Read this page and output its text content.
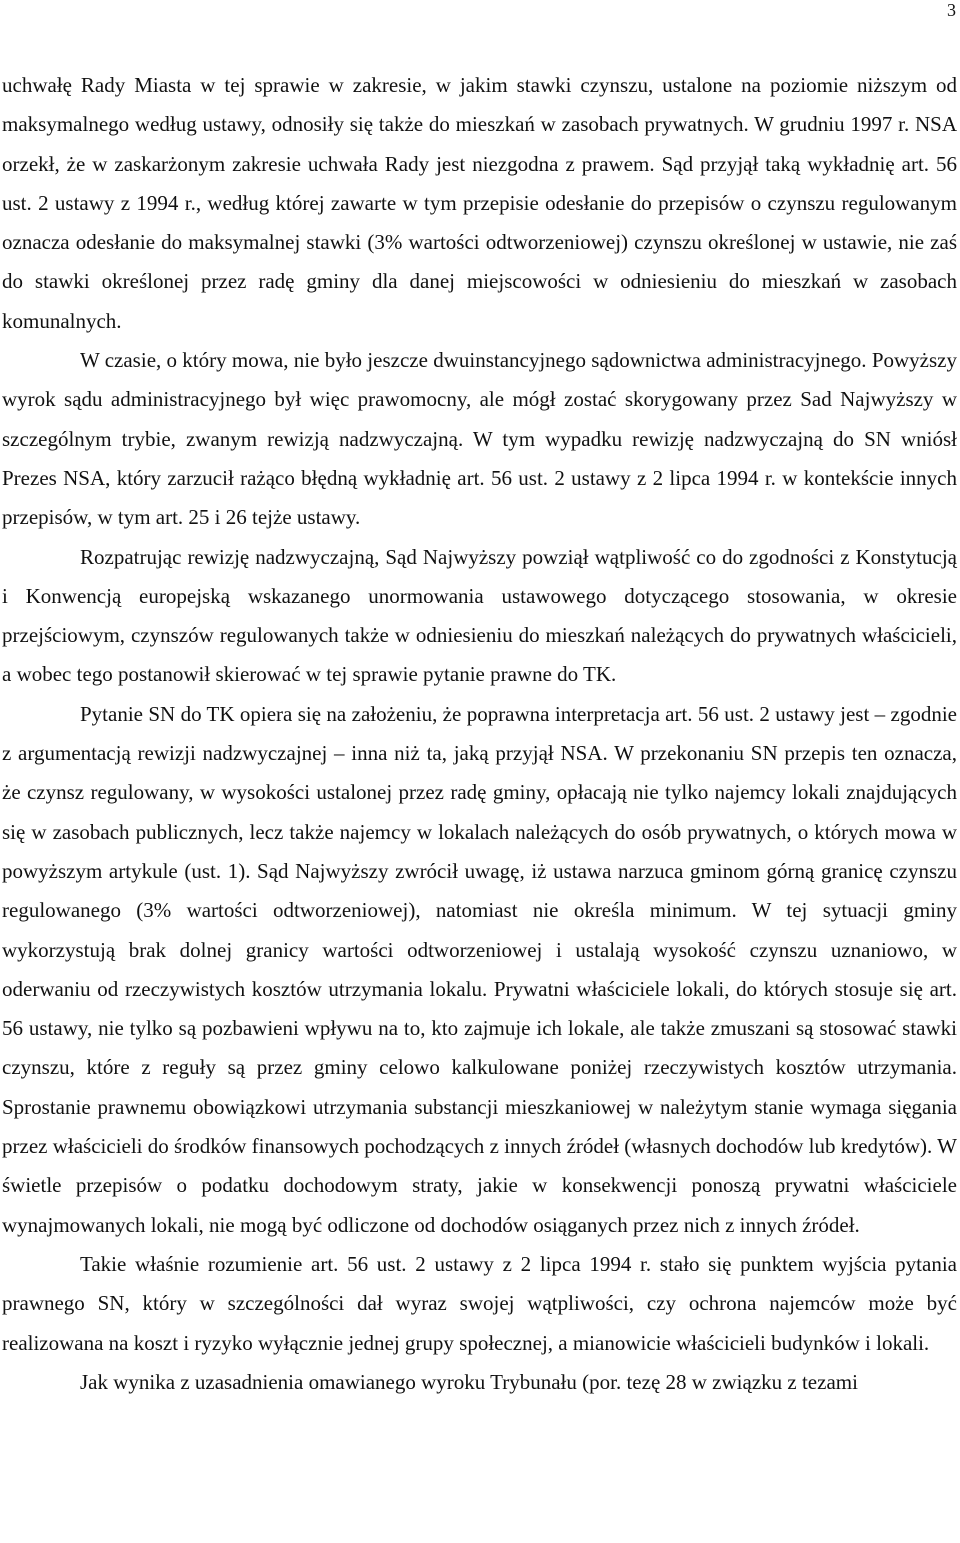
3

uchwałę Rady Miasta w tej sprawie w zakresie, w jakim stawki czynszu, ustalone na poziomie niższym od maksymalnego według ustawy, odnosiły się także do mieszkań w zasobach prywatnych. W grudniu 1997 r. NSA orzekł, że w zaskarżonym zakresie uchwała Rady jest niezgodna z prawem. Sąd przyjął taką wykładnię art. 56 ust. 2 ustawy z 1994 r., według której zawarte w tym przepisie odesłanie do przepisów o czynszu regulowanym oznacza odesłanie do maksymalnej stawki (3% wartości odtworzeniowej) czynszu określonej w ustawie, nie zaś do stawki określonej przez radę gminy dla danej miejscowości w odniesieniu do mieszkań w zasobach komunalnych.

W czasie, o który mowa, nie było jeszcze dwuinstancyjnego sądownictwa administracyjnego. Powyższy wyrok sądu administracyjnego był więc prawomocny, ale mógł zostać skorygowany przez Sad Najwyższy w szczególnym trybie, zwanym rewizją nadzwyczajną. W tym wypadku rewizję nadzwyczajną do SN wniósł Prezes NSA, który zarzucił rażąco błędną wykładnię art. 56 ust. 2 ustawy z 2 lipca 1994 r. w kontekście innych przepisów, w tym art. 25 i 26 tejże ustawy.

Rozpatrując rewizję nadzwyczajną, Sąd Najwyższy powziął wątpliwość co do zgodności z Konstytucją i Konwencją europejską wskazanego unormowania ustawowego dotyczącego stosowania, w okresie przejściowym, czynszów regulowanych także w odniesieniu do mieszkań należących do prywatnych właścicieli, a wobec tego postanowił skierować w tej sprawie pytanie prawne do TK.

Pytanie SN do TK opiera się na założeniu, że poprawna interpretacja art. 56 ust. 2 ustawy jest – zgodnie z argumentacją rewizji nadzwyczajnej – inna niż ta, jaką przyjął NSA. W przekonaniu SN przepis ten oznacza, że czynsz regulowany, w wysokości ustalonej przez radę gminy, opłacają nie tylko najemcy lokali znajdujących się w zasobach publicznych, lecz także najemcy w lokalach należących do osób prywatnych, o których mowa w powyższym artykule (ust. 1). Sąd Najwyższy zwrócił uwagę, iż ustawa narzuca gminom górną granicę czynszu regulowanego (3% wartości odtworzeniowej), natomiast nie określa minimum. W tej sytuacji gminy wykorzystują brak dolnej granicy wartości odtworzeniowej i ustalają wysokość czynszu uznaniowo, w oderwaniu od rzeczywistych kosztów utrzymania lokalu. Prywatni właściciele lokali, do których stosuje się art. 56 ustawy, nie tylko są pozbawieni wpływu na to, kto zajmuje ich lokale, ale także zmuszani są stosować stawki czynszu, które z reguły są przez gminy celowo kalkulowane poniżej rzeczywistych kosztów utrzymania. Sprostanie prawnemu obowiązkowi utrzymania substancji mieszkaniowej w należytym stanie wymaga sięgania przez właścicieli do środków finansowych pochodzących z innych źródeł (własnych dochodów lub kredytów). W świetle przepisów o podatku dochodowym straty, jakie w konsekwencji ponoszą prywatni właściciele wynajmowanych lokali, nie mogą być odliczone od dochodów osiąganych przez nich z innych źródeł.

Takie właśnie rozumienie art. 56 ust. 2 ustawy z 2 lipca 1994 r. stało się punktem wyjścia pytania prawnego SN, który w szczególności dał wyraz swojej wątpliwości, czy ochrona najemców może być realizowana na koszt i ryzyko wyłącznie jednej grupy społecznej, a mianowicie właścicieli budynków i lokali.

Jak wynika z uzasadnienia omawianego wyroku Trybunału (por. tezę 28 w związku z tezami
